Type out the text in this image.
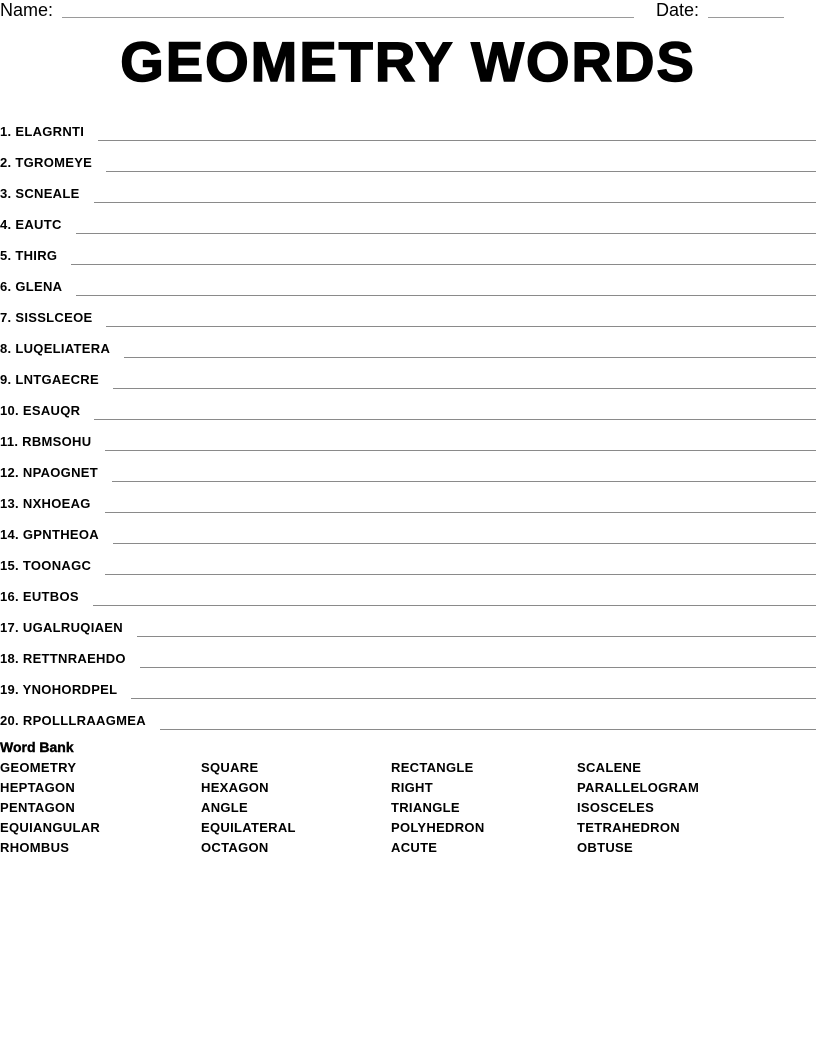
Name:	Date:
GEOMETRY WORDS
1. ELAGRNTI
2. TGROMEYE
3. SCNEALE
4. EAUTC
5. THIRG
6. GLENA
7. SISSLCEOE
8. LUQELIATERA
9. LNTGAECRE
10. ESAUQR
11. RBMSOHU
12. NPAOGNET
13. NXHOEAG
14. GPNTHEOA
15. TOONAGC
16. EUTBOS
17. UGALRUQIAEN
18. RETTNRAEHDO
19. YNOHORDPEL
20. RPOLLLRAAGMEA
Word Bank
GEOMETRY	SQUARE	RECTANGLE	SCALENE
HEPTAGON	HEXAGON	RIGHT	PARALLELOGRAM
PENTAGON	ANGLE	TRIANGLE	ISOSCELES
EQUIANGULAR	EQUILATERAL	POLYHEDRON	TETRAHEDRON
RHOMBUS	OCTAGON	ACUTE	OBTUSE
